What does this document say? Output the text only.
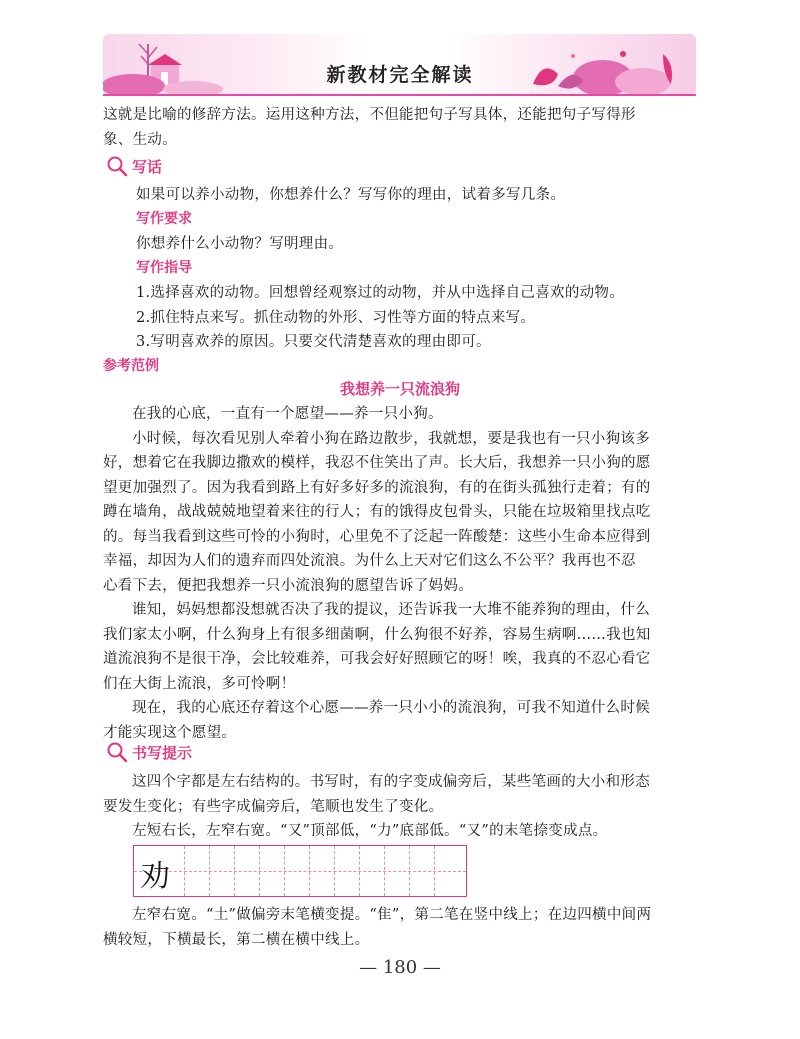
新教材完全解读
这就是比喻的修辞方法。运用这种方法，不但能把句子写具体，还能把句子写得形
象、生动。
写话
如果可以养小动物，你想养什么？写写你的理由，试着多写几条。
写作要求
你想养什么小动物？写明理由。
写作指导
1.选择喜欢的动物。回想曾经观察过的动物，并从中选择自己喜欢的动物。
2.抓住特点来写。抓住动物的外形、习性等方面的特点来写。
3.写明喜欢养的原因。只要交代清楚喜欢的理由即可。
参考范例
我想养一只流浪狗
在我的心底，一直有一个愿望——养一只小狗。
小时候，每次看见别人牵着小狗在路边散步，我就想，要是我也有一只小狗该多
好，想着它在我脚边撒欢的模样，我忍不住笑出了声。长大后，我想养一只小狗的愿
望更加强烈了。因为我看到路上有好多好多的流浪狗，有的在街头孤独行走着；有的
蹲在墙角，战战兢兢地望着来往的行人；有的饿得皮包骨头，只能在垃圾箱里找点吃
的。每当我看到这些可怜的小狗时，心里免不了泛起一阵酸楚：这些小生命本应得到
幸福，却因为人们的遗弃而四处流浪。为什么上天对它们这么不公平？我再也不忍
心看下去，便把我想养一只小流浪狗的愿望告诉了妈妈。
谁知，妈妈想都没想就否决了我的提议，还告诉我一大堆不能养狗的理由，什么
我们家太小啊，什么狗身上有很多细菌啊，什么狗很不好养，容易生病啊……我也知
道流浪狗不是很干净，会比较难养，可我会好好照顾它的呀！唉，我真的不忍心看它
们在大街上流浪，多可怜啊！
现在，我的心底还存着这个心愿——养一只小小的流浪狗，可我不知道什么时候
才能实现这个愿望。
书写提示
这四个字都是左右结构的。书写时，有的字变成偏旁后，某些笔画的大小和形态
要发生变化；有些字成偏旁后，笔顺也发生了变化。
左短右长，左窄右宽。“又”顶部低，“力”底部低。“又”的末笔捺变成点。
劝
左窄右宽。“土”做偏旁末笔横变提。“隹”，第二笔在竖中线上；在边四横中间两
横较短，下横最长，第二横在横中线上。
— 180 —
